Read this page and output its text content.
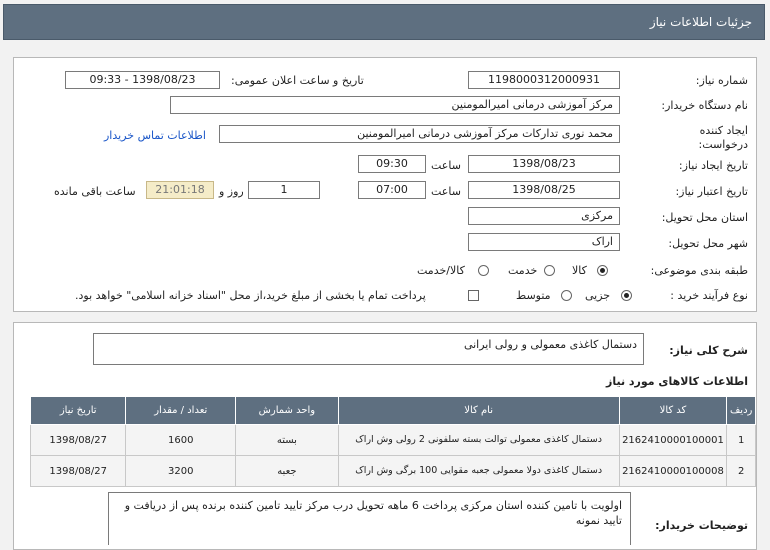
جزئیات اطلاعات نیاز
شماره نیاز:
1198000312000931
تاریخ و ساعت اعلان عمومی:
1398/08/23 - 09:33
نام دستگاه خریدار:
مرکز آموزشی درمانی امیرالمومنین
ایجاد کننده
درخواست:
محمد نوری تدارکات مرکز آموزشی درمانی امیرالمومنین
اطلاعات تماس خریدار
تاریخ ایجاد نیاز:
1398/08/23
ساعت
09:30
تاریخ اعتبار نیاز:
1398/08/25
ساعت
07:00
1
روز و
21:01:18
ساعت باقی مانده
استان محل تحویل:
مرکزی
شهر محل تحویل:
اراک
طبقه بندی موضوعی:
کالا
خدمت
کالا/خدمت
نوع فرآیند خرید :
جزیی
متوسط
پرداخت تمام یا بخشی از مبلغ خرید،از محل "اسناد خزانه اسلامی" خواهد بود.
شرح کلی نیاز:
دستمال کاغذی معمولی و رولی ایرانی
اطلاعات کالاهای مورد نیاز
ردیف	کد کالا	نام کالا	واحد شمارش	تعداد / مقدار	تاریخ نیاز
1	2162410000100001	دستمال کاغذی معمولی توالت بسته سلفونی 2 رولی وش اراک	بسته	1600	1398/08/27
2	2162410000100008	دستمال کاغذی دولا معمولی جعبه مقوایی 100 برگی وش اراک	جعبه	3200	1398/08/27
توضیحات خریدار:
اولویت با تامین کننده استان مرکزی پرداخت 6 ماهه تحویل درب مرکز تایید تامین کننده برنده پس از دریافت و تایید نمونه
